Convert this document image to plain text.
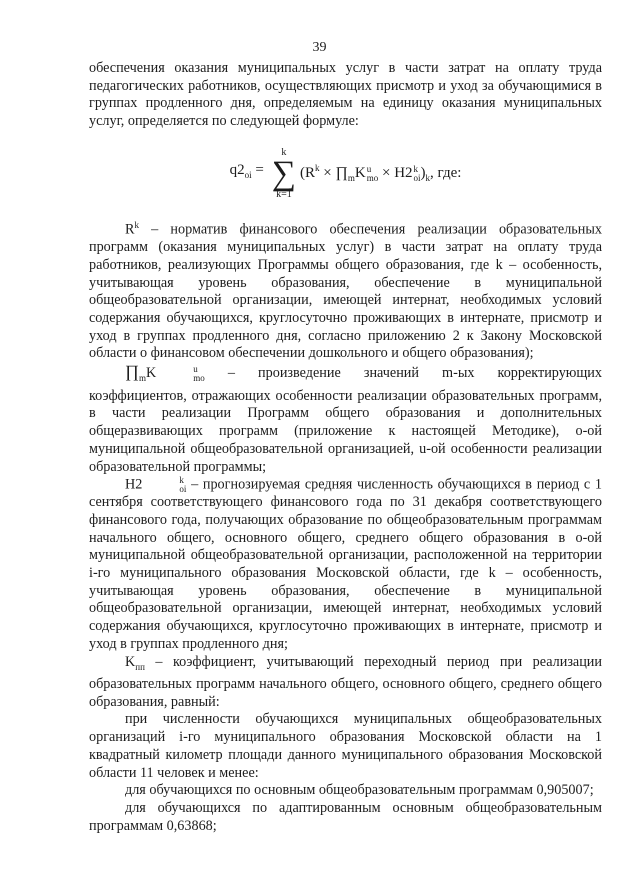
39

обеспечения оказания муниципальных услуг в части затрат на оплату труда педагогических работников, осуществляющих присмотр и уход за обучающимися в группах продленного дня, определяемым на единицу оказания муниципальных услуг, определяется по следующей формуле:

$q2_{oi}$ =
k
∑
k=1
($R^k$ × $\prod_mK$ u
mo × H2 k
oi )$_k$, где:

$R^k$ – норматив финансового обеспечения реализации образовательных программ (оказания муниципальных услуг) в части затрат на оплату труда работников, реализующих Программы общего образования, где k – особенность, учитывающая уровень образования, обеспечение в муниципальной общеобразовательной организации, имеющей интернат, необходимых условий содержания обучающихся, круглосуточно проживающих в интернате, присмотр и уход в группах продленного дня, согласно приложению 2 к Закону Московской области о финансовом обеспечении дошкольного и общего образования);

$\prod_mK$	u
mo – произведение значений m-ых корректирующих коэффициентов, отражающих особенности реализации образовательных программ, в части реализации Программ общего образования и дополнительных общеразвивающих программ (приложение к настоящей Методике), о-ой муниципальной общеобразовательной организацией, u-ой особенности реализации образовательной программы;

H2	k
oi – прогнозируемая средняя численность обучающихся в период с 1 сентября соответствующего финансового года по 31 декабря соответствующего финансового года, получающих образование по общеобразовательным программам начального общего, основного общего, среднего общего образования в о-ой муниципальной общеобразовательной организации, расположенной на территории i-го муниципального образования Московской области, где k – особенность, учитывающая уровень образования, обеспечение в муниципальной общеобразовательной организации, имеющей интернат, необходимых условий содержания обучающихся, круглосуточно проживающих в интернате, присмотр и уход в группах продленного дня;

$K_{пп}$ – коэффициент, учитывающий переходный период при реализации образовательных программ начального общего, основного общего, среднего общего образования, равный:

при численности обучающихся муниципальных общеобразовательных организаций i-го муниципального образования Московской области на 1 квадратный километр площади данного муниципального образования Московской области 11 человек и менее:

для обучающихся по основным общеобразовательным программам 0,905007;

для обучающихся по адаптированным основным общеобразовательным программам 0,63868;
